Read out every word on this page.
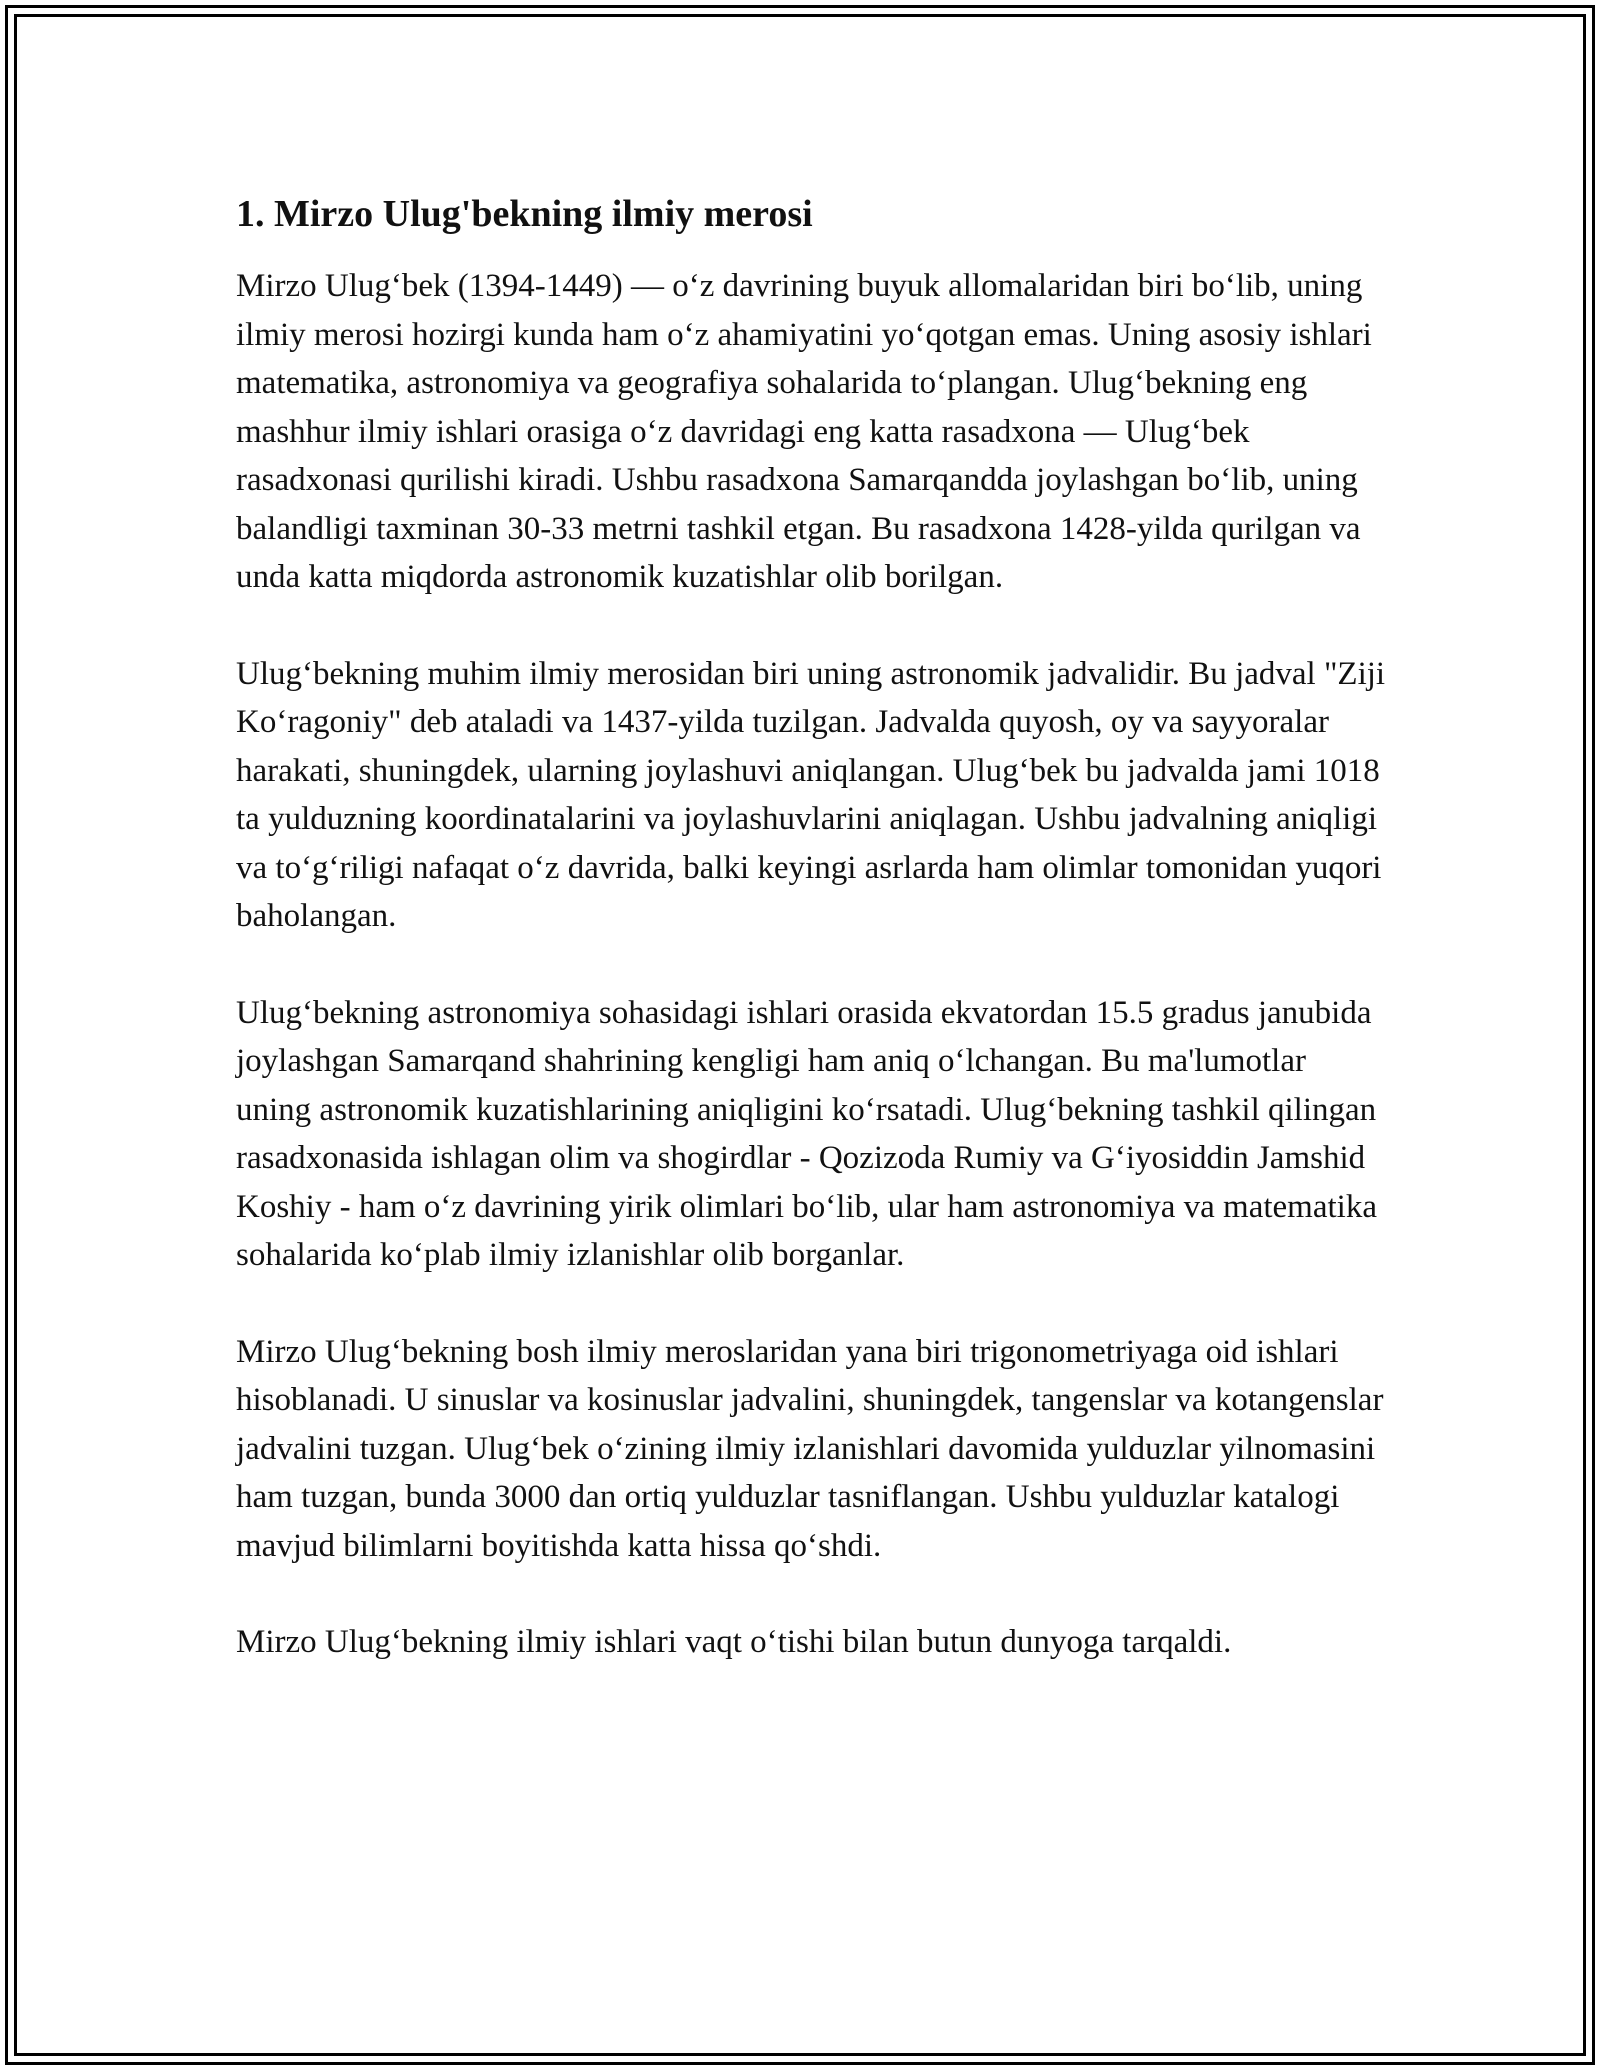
1. Mirzo Ulug'bekning ilmiy merosi

Mirzo Ulug‘bek (1394-1449) — o‘z davrining buyuk allomalaridan biri bo‘lib, uning ilmiy merosi hozirgi kunda ham o‘z ahamiyatini yo‘qotgan emas. Uning asosiy ishlari matematika, astronomiya va geografiya sohalarida to‘plangan. Ulug‘bekning eng mashhur ilmiy ishlari orasiga o‘z davridagi eng katta rasadxona — Ulug‘bek rasadxonasi qurilishi kiradi. Ushbu rasadxona Samarqandda joylashgan bo‘lib, uning balandligi taxminan 30-33 metrni tashkil etgan. Bu rasadxona 1428-yilda qurilgan va unda katta miqdorda astronomik kuzatishlar olib borilgan.

Ulug‘bekning muhim ilmiy merosidan biri uning astronomik jadvalidir. Bu jadval "Ziji Ko‘ragoniy" deb ataladi va 1437-yilda tuzilgan. Jadvalda quyosh, oy va sayyoralar harakati, shuningdek, ularning joylashuvi aniqlangan. Ulug‘bek bu jadvalda jami 1018 ta yulduzning koordinatalarini va joylashuvlarini aniqlagan. Ushbu jadvalning aniqligi va to‘g‘riligi nafaqat o‘z davrida, balki keyingi asrlarda ham olimlar tomonidan yuqori baholangan.

Ulug‘bekning astronomiya sohasidagi ishlari orasida ekvatordan 15.5 gradus janubida joylashgan Samarqand shahrining kengligi ham aniq o‘lchangan. Bu ma'lumotlar uning astronomik kuzatishlarining aniqligini ko‘rsatadi. Ulug‘bekning tashkil qilingan rasadxonasida ishlagan olim va shogirdlar - Qozizoda Rumiy va G‘iyosiddin Jamshid Koshiy - ham o‘z davrining yirik olimlari bo‘lib, ular ham astronomiya va matematika sohalarida ko‘plab ilmiy izlanishlar olib borganlar.

Mirzo Ulug‘bekning bosh ilmiy meroslaridan yana biri trigonometriyaga oid ishlari hisoblanadi. U sinuslar va kosinuslar jadvalini, shuningdek, tangenslar va kotangenslar jadvalini tuzgan. Ulug‘bek o‘zining ilmiy izlanishlari davomida yulduzlar yilnomasini ham tuzgan, bunda 3000 dan ortiq yulduzlar tasniflangan. Ushbu yulduzlar katalogi mavjud bilimlarni boyitishda katta hissa qo‘shdi.

Mirzo Ulug‘bekning ilmiy ishlari vaqt o‘tishi bilan butun dunyoga tarqaldi.
